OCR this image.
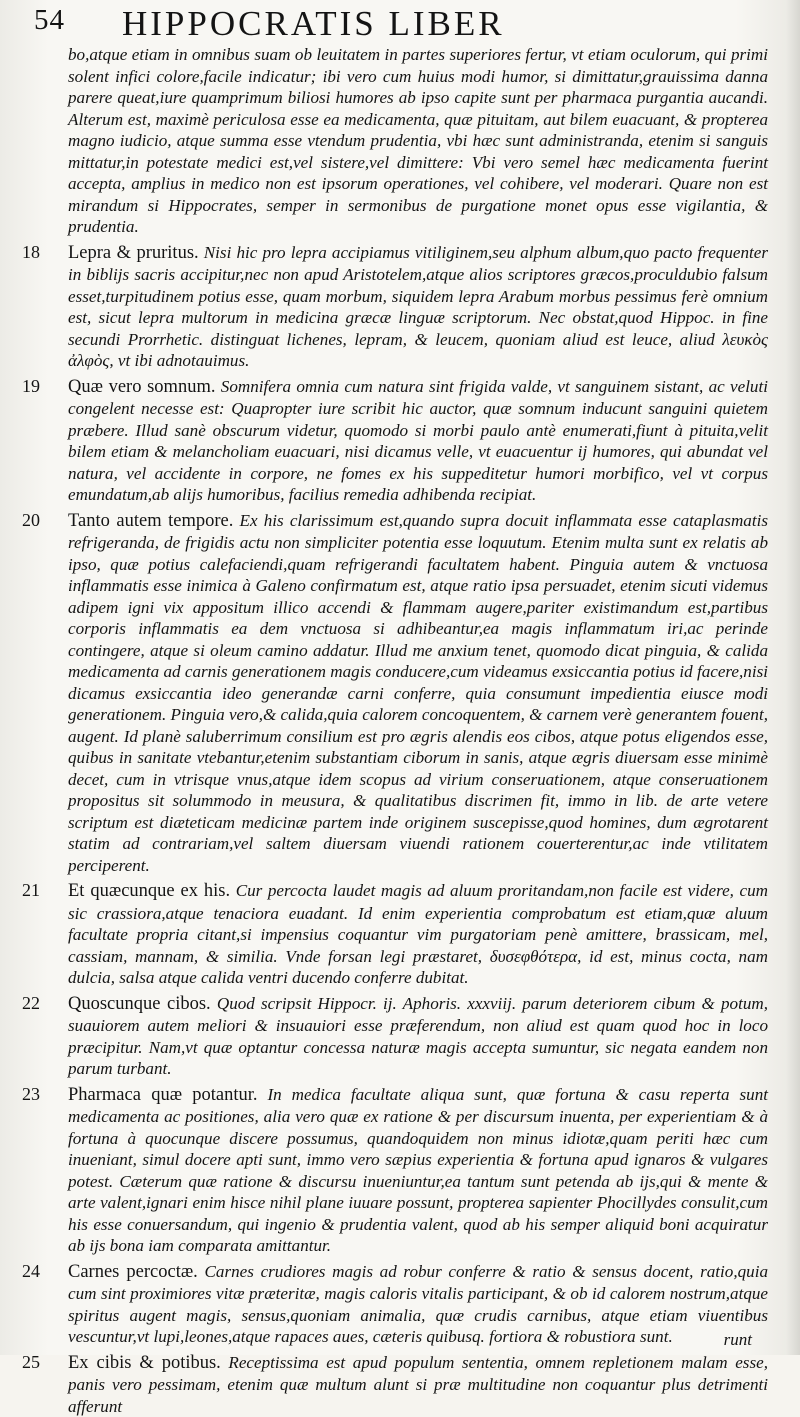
54 HIPPOCRATIS LIBER
bo,atque etiam in omnibus suam ob leuitatem in partes superiores fertur, vt etiam oculorum, qui primi solent infici colore,facile indicatur; ibi vero cum huius modi humor, si dimittatur,grauissima danna parere queat,iure quamprimum biliosi humores ab ipso capite sunt per pharmaca purgantia aucandi. Alterum est, maximè periculosa esse ea medicamenta, quæ pituitam, aut bilem euacuant, & propterea magno iudicio, atque summa esse vtendum prudentia, vbi hæc sunt administranda, etenim si sanguis mittatur,in potestate medici est,vel sistere,vel dimittere: Vbi vero semel hæc medicamenta fuerint accepta, amplius in medico non est ipsorum operationes, vel cohibere, vel moderari. Quare non est mirandum si Hippocrates, semper in sermonibus de purgatione monet opus esse vigilantia, & prudentia.
18 Lepra & pruritus. Nisi hic pro lepra accipiamus vitiliginem,seu alphum album,quo pacto frequenter in biblijs sacris accipitur,nec non apud Aristotelem,atque alios scriptores græcos,proculdubio falsum esset,turpitudinem potius esse, quam morbum, siquidem lepra Arabum morbus pessimus ferè omnium est, sicut lepra multorum in medicina græcæ linguæ scriptorum. Nec obstat,quod Hippoc. in fine secundi Prorrhetic. distinguat lichenes, lepram, & leucem, quoniam aliud est leuce, aliud λευκὸς ἀλφὸς, vt ibi adnotauimus.
19 Quæ vero somnum. Somnifera omnia cum natura sint frigida valde, vt sanguinem sistant, ac veluti congelent necesse est: Quapropter iure scribit hic auctor, quæ somnum inducunt sanguini quietem præbere. Illud sanè obscurum videtur, quomodo si morbi paulo antè enumerati,fiunt à pituita,velit bilem etiam & melancholiam euacuari, nisi dicamus velle, vt euacuentur ij humores, qui abundat vel natura, vel accidente in corpore, ne fomes ex his suppeditetur humori morbifico, vel vt corpus emundatum,ab alijs humoribus, facilius remedia adhibenda recipiat.
20 Tanto autem tempore. Ex his clarissimum est,quando supra docuit inflammata esse cataplasmatis refrigeranda, de frigidis actu non simpliciter potentia esse loquutum. Etenim multa sunt ex relatis ab ipso, quæ potius calefaciendi,quam refrigerandi facultatem habent. Pinguia autem & vnctuosa inflammatis esse inimica à Galeno confirmatum est, atque ratio ipsa persuadet, etenim sicuti videmus adipem igni vix appositum illico accendi & flammam augere,pariter existimandum est,partibus corporis inflammatis ea dem vnctuosa si adhibeantur,ea magis inflammatum iri,ac perinde contingere, atque si oleum camino addatur. Illud me anxium tenet, quomodo dicat pinguia, & calida medicamenta ad carnis generationem magis conducere,cum videamus exsiccantia potius id facere,nisi dicamus exsiccantia ideo generandæ carni conferre, quia consumunt impedientia eiusce modi generationem. Pinguia vero,& calida,quia calorem concoquentem, & carnem verè generantem fouent, augent. Id planè saluberrimum consilium est pro ægris alendis eos cibos, atque potus eligendos esse, quibus in sanitate vtebantur,etenim substantiam ciborum in sanis, atque ægris diuersam esse minimè decet, cum in vtrisque vnus,atque idem scopus ad virium conseruationem, atque conseruationem propositus sit solummodo in meusura, & qualitatibus discrimen fit, immo in lib. de arte vetere scriptum est diæteticam medicinæ partem inde originem suscepisse,quod homines, dum ægrotarent statim ad contrariam,vel saltem diuersam viuendi rationem couerterentur,ac inde vtilitatem perciperent.
21 Et quæcunque ex his. Cur percocta laudet magis ad aluum proritandam,non facile est videre, cum sic crassiora,atque tenaciora euadant. Id enim experientia comprobatum est etiam,quæ aluum facultate propria citant,si impensius coquantur vim purgatoriam penè amittere, brassicam, mel, cassiam, mannam, & similia. Vnde forsan legi præstaret, δυσεφθότερα, id est, minus cocta, nam dulcia, salsa atque calida ventri ducendo conferre dubitat.
22 Quoscunque cibos. Quod scripsit Hippocr. ij. Aphoris. xxxviij. parum deteriorem cibum & potum, suauiorem autem meliori & insuauiori esse præferendum, non aliud est quam quod hoc in loco præcipitur. Nam,vt quæ optantur concessa naturæ magis accepta sumuntur, sic negata eandem non parum turbant.
23 Pharmaca quæ potantur. In medica facultate aliqua sunt, quæ fortuna & casu reperta sunt medicamenta ac positiones, alia vero quæ ex ratione & per discursum inuenta, per experientiam & à fortuna à quocunque discere possumus, quandoquidem non minus idiotæ,quam periti hæc cum inueniant, simul docere apti sunt, immo vero sæpius experientia & fortuna apud ignaros & vulgares potest. Cæterum quæ ratione & discursu inueniuntur,ea tantum sunt petenda ab ijs,qui & mente & arte valent,ignari enim hisce nihil plane iuuare possunt, propterea sapienter Phocillydes consulit,cum his esse conuersandum, qui ingenio & prudentia valent, quod ab his semper aliquid boni acquiratur ab ijs bona iam comparata amittantur.
24 Carnes percoctæ. Carnes crudiores magis ad robur conferre & ratio & sensus docent, ratio,quia cum sint proximiores vitæ præteritæ, magis caloris vitalis participant, & ob id calorem nostrum,atque spiritus augent magis, sensus,quoniam animalia, quæ crudis carnibus, atque etiam viuentibus vescuntur,vt lupi,leones,atque rapaces aues, cæteris quibusq. fortiora & robustiora sunt.
25 Ex cibis & potibus. Receptissima est apud populum sententia, omnem repletionem malam esse, panis vero pessimam, etenim quæ multum alunt si præ multitudine non coquantur plus detrimenti afferunt
runt
